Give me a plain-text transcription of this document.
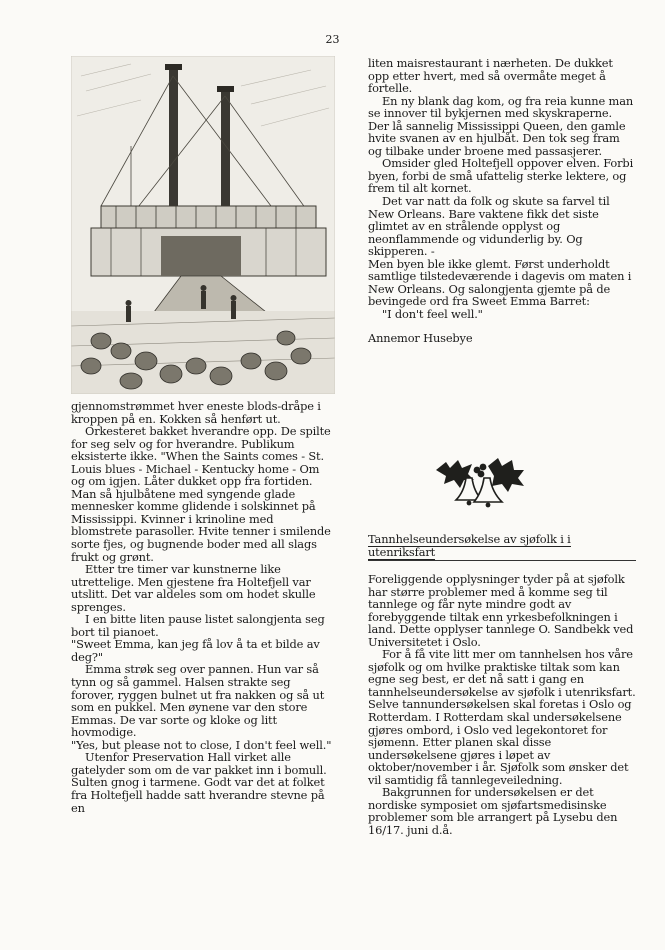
23

gjennomstrømmet hver eneste blods-dråpe i kroppen på en. Kokken så henført ut.

Orkesteret bakket hverandre opp. De spilte for seg selv og for hverandre. Publikum eksisterte ikke. "When the Saints comes - St. Louis blues - Michael - Kentucky home - Om og om igjen. Låter dukket opp fra fortiden. Man så hjulbåtene med syngende glade mennesker komme glidende i solskinnet på Mississippi. Kvinner i krinoline med blomstrete parasoller. Hvite tenner i smilende sorte fjes, og bugnende boder med all slags frukt og grønt.

Etter tre timer var kunstnerne like utrettelige. Men gjestene fra Holtefjell var utslitt. Det var aldeles som om hodet skulle sprenges.

I en bitte liten pause listet salongjenta seg bort til pianoet.

"Sweet Emma, kan jeg få lov å ta et bilde av deg?"

Emma strøk seg over pannen. Hun var så tynn og så gammel. Halsen strakte seg forover, ryggen bulnet ut fra nakken og så ut som en pukkel. Men øynene var den store Emmas. De var sorte og kloke og litt hovmodige.

"Yes, but please not to close, I don't feel well."

Utenfor Preservation Hall virket alle gatelyder som om de var pakket inn i bomull. Sulten gnog i tarmene. Godt var det at folket fra Holtefjell hadde satt hverandre stevne på en

liten maisrestaurant i nærheten. De dukket opp etter hvert, med så overmåte meget å fortelle.

En ny blank dag kom, og fra reia kunne man se innover til bykjernen med skyskraperne. Der lå sannelig Mississippi Queen, den gamle hvite svanen av en hjulbåt. Den tok seg fram og tilbake under broene med passasjerer.

Omsider gled Holtefjell oppover elven. Forbi byen, forbi de små ufattelig sterke lektere, og frem til alt kornet.

Det var natt da folk og skute sa farvel til New Orleans. Bare vaktene fikk det siste glimtet av en strålende opplyst og neonflammende og vidunderlig by. Og skipperen. -

Men byen ble ikke glemt. Først underholdt samtlige tilstedeværende i dagevis om maten i New Orleans. Og salongjenta gjemte på de bevingede ord fra Sweet Emma Barret:

"I don't feel well."

Annemor Husebye

Tannhelseundersøkelse av sjøfolk i i utenriksfart

Foreliggende opplysninger tyder på at sjøfolk har større problemer med å komme seg til tannlege og får nyte mindre godt av forebyggende tiltak enn yrkesbefolkningen i land. Dette opplyser tannlege O. Sandbekk ved Universitetet i Oslo.

For å få vite litt mer om tannhelsen hos våre sjøfolk og om hvilke praktiske tiltak som kan egne seg best, er det nå satt i gang en tannhelseundersøkelse av sjøfolk i utenriksfart. Selve tannundersøkelsen skal foretas i Oslo og Rotterdam. I Rotterdam skal undersøkelsene gjøres ombord, i Oslo ved legekontoret for sjømenn. Etter planen skal disse undersøkelsene gjøres i løpet av oktober/november i år. Sjøfolk som ønsker det vil samtidig få tannlegeveiledning.

Bakgrunnen for undersøkelsen er det nordiske symposiet om sjøfartsmedisinske problemer som ble arrangert på Lysebu den 16/17. juni d.å.
